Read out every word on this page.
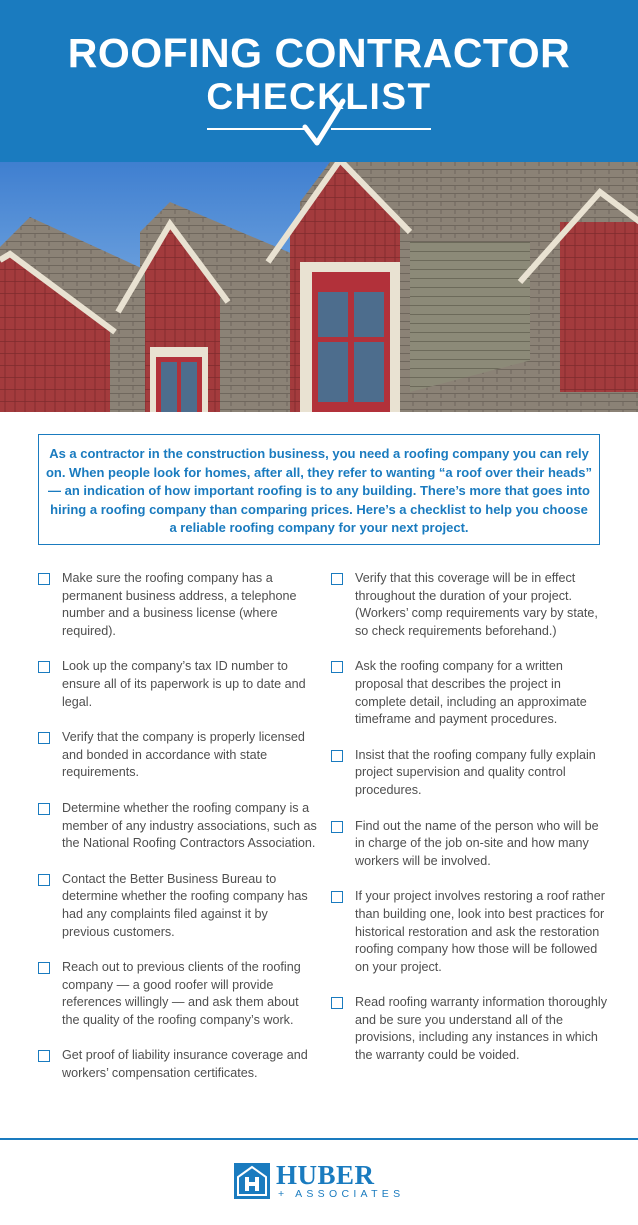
ROOFING CONTRACTOR
CHECKLIST

As a contractor in the construction business, you need a roofing company you can rely on. When people look for homes, after all, they refer to wanting “a roof over their heads” — an indication of how important roofing is to any building. There’s more that goes into hiring a roofing company than comparing prices. Here’s a checklist to help you choose a reliable roofing company for your next project.

Make sure the roofing company has a permanent business address, a telephone number and a business license (where required).
Look up the company’s tax ID number to ensure all of its paperwork is up to date and legal.
Verify that the company is properly licensed and bonded in accordance with state requirements.
Determine whether the roofing company is a member of any industry associations, such as the National Roofing Contractors Association.
Contact the Better Business Bureau to determine whether the roofing company has had any complaints filed against it by previous customers.
Reach out to previous clients of the roofing company — a good roofer will provide references willingly — and ask them about the quality of the roofing company’s work.
Get proof of liability insurance coverage and workers’ compensation certificates.
Verify that this coverage will be in effect throughout the duration of your project. (Workers’ comp requirements vary by state, so check requirements beforehand.)
Ask the roofing company for a written proposal that describes the project in complete detail, including an approximate timeframe and payment procedures.
Insist that the roofing company fully explain project supervision and quality control procedures.
Find out the name of the person who will be in charge of the job on-site and how many workers will be involved.
If your project involves restoring a roof rather than building one, look into best practices for historical restoration and ask the restoration roofing company how those will be followed on your project.
Read roofing warranty information thoroughly and be sure you understand all of the provisions, including any instances in which the warranty could be voided.
HUBER
+ ASSOCIATES
